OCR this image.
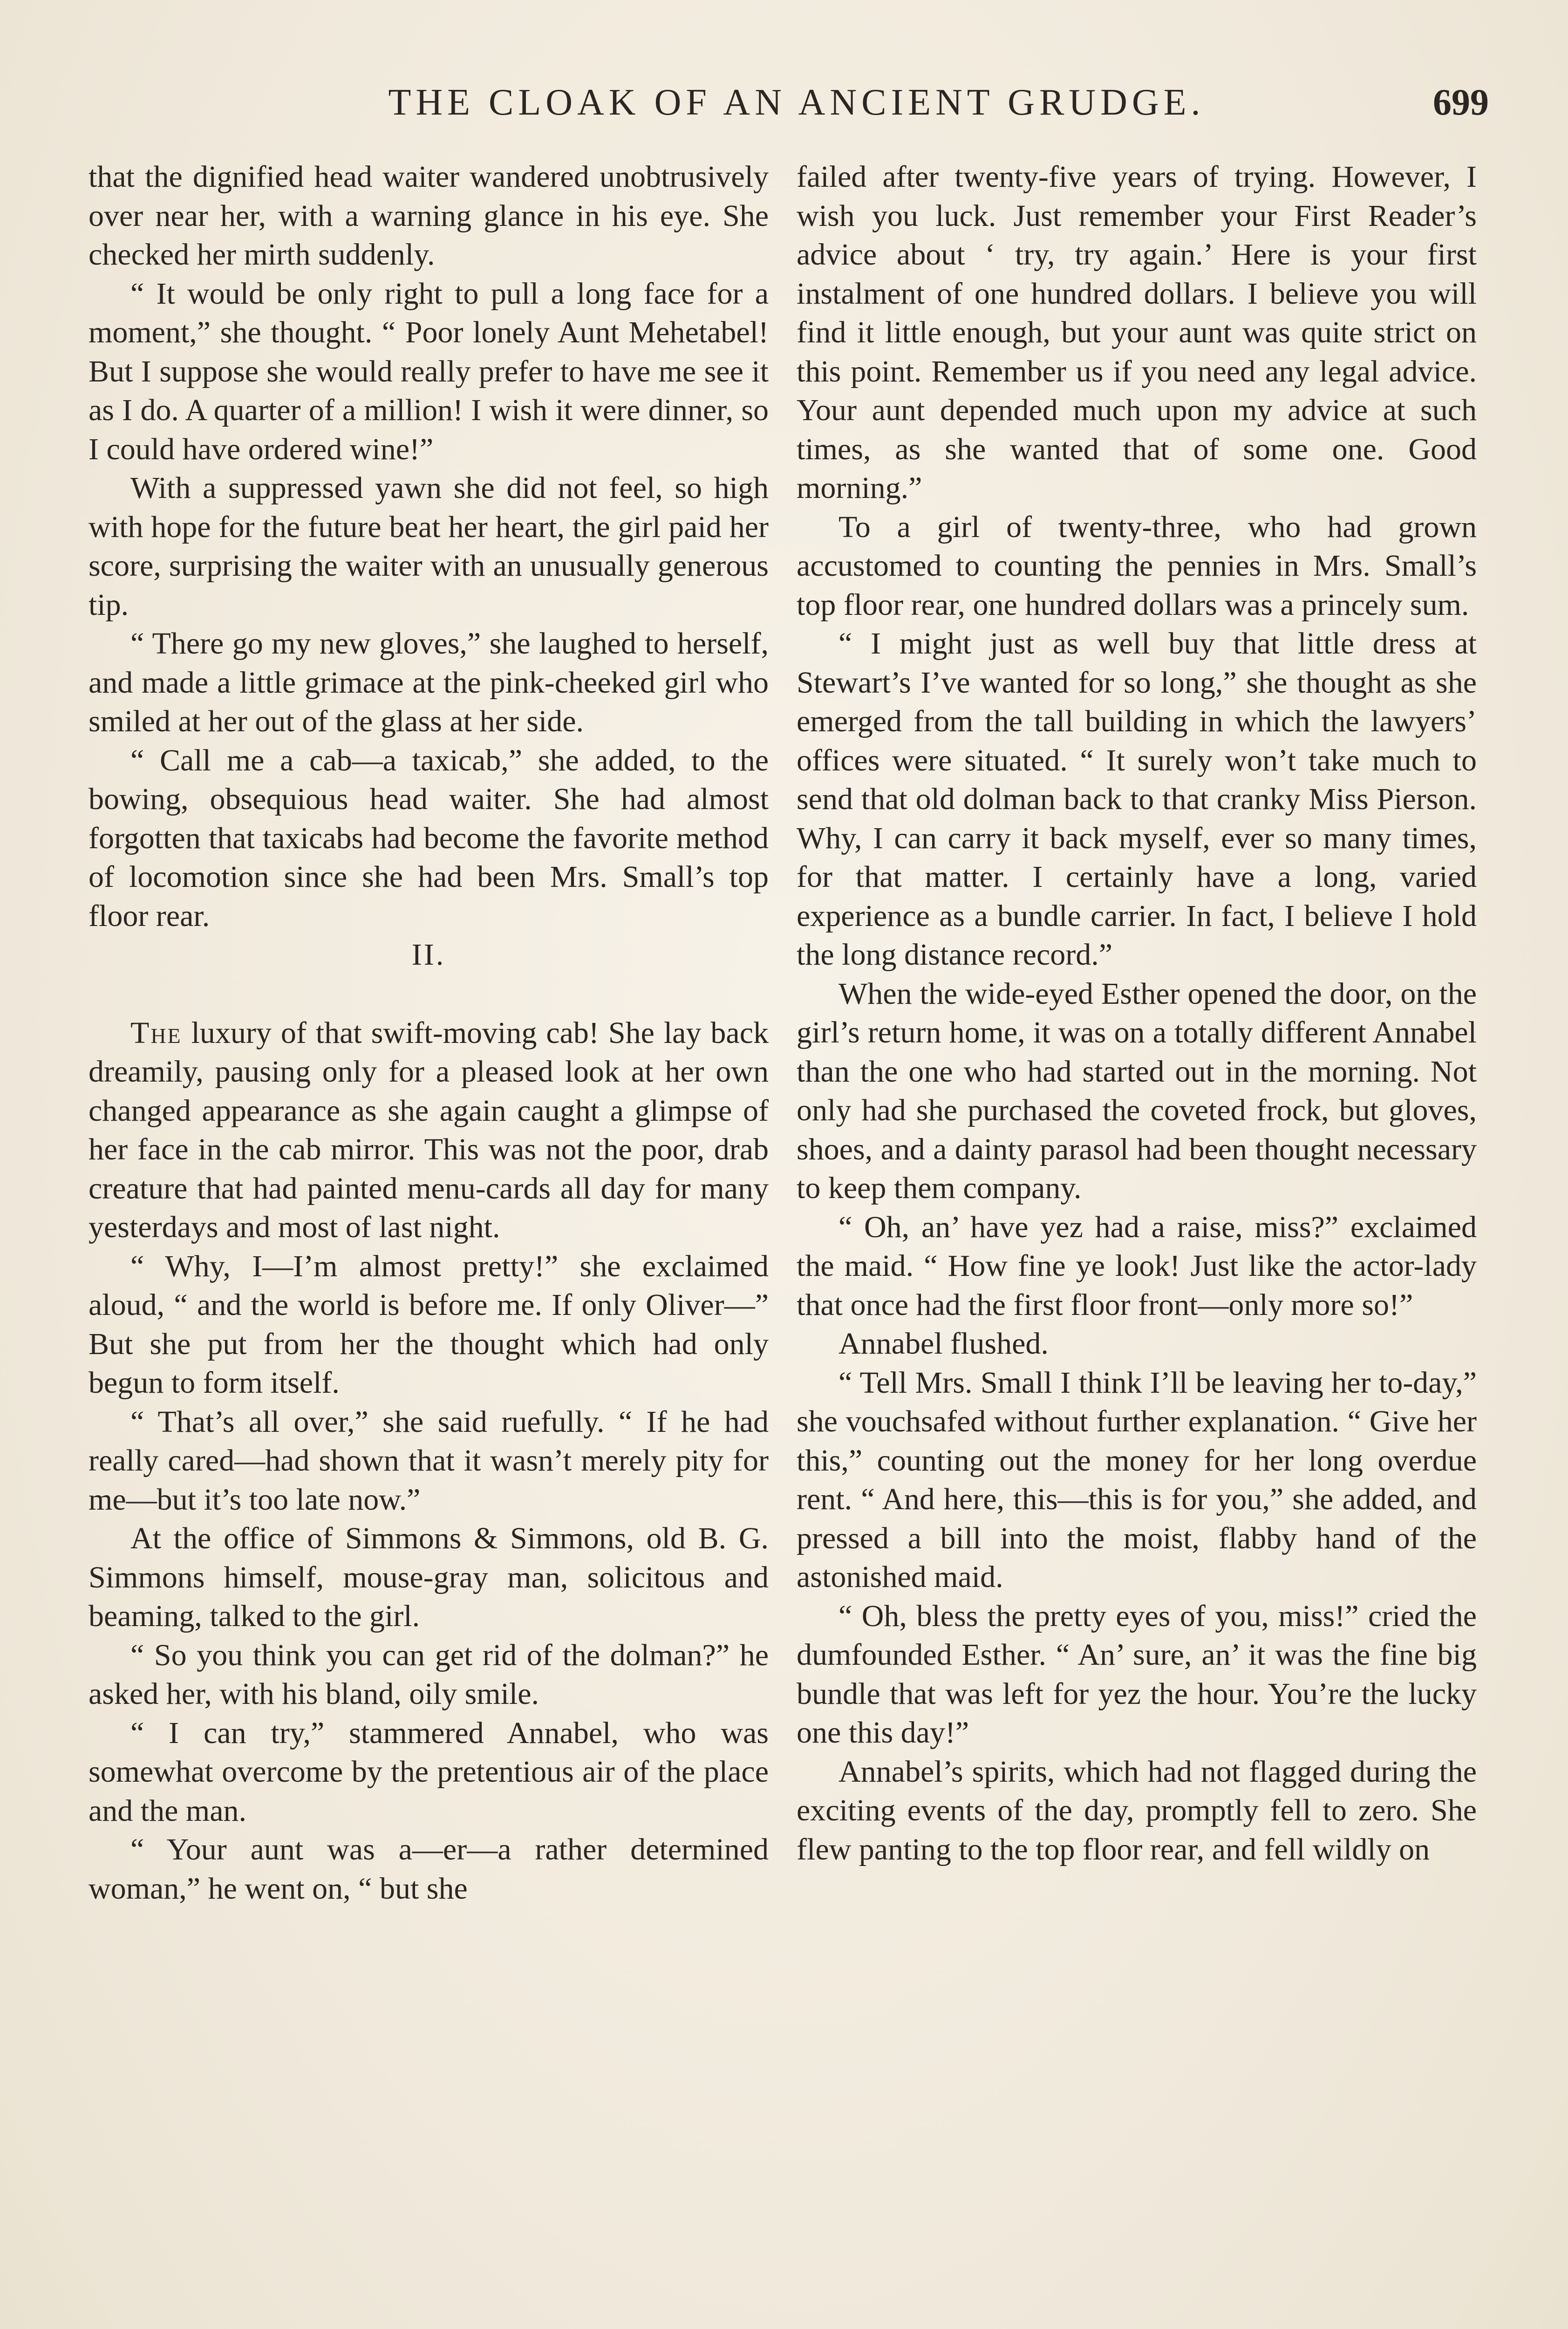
THE CLOAK OF AN ANCIENT GRUDGE.	699

that the dignified head waiter wandered unobtrusively over near her, with a warning glance in his eye. She checked her mirth suddenly.

“ It would be only right to pull a long face for a moment,” she thought. “ Poor lonely Aunt Mehetabel! But I suppose she would really prefer to have me see it as I do. A quarter of a million! I wish it were dinner, so I could have ordered wine!”

With a suppressed yawn she did not feel, so high with hope for the future beat her heart, the girl paid her score, surprising the waiter with an unusually generous tip.

“ There go my new gloves,” she laughed to herself, and made a little grimace at the pink-cheeked girl who smiled at her out of the glass at her side.

“ Call me a cab—a taxicab,” she added, to the bowing, obsequious head waiter. She had almost forgotten that taxicabs had become the favorite method of locomotion since she had been Mrs. Small’s top floor rear.

II.

The luxury of that swift-moving cab! She lay back dreamily, pausing only for a pleased look at her own changed appearance as she again caught a glimpse of her face in the cab mirror. This was not the poor, drab creature that had painted menu-cards all day for many yesterdays and most of last night.

“ Why, I—I’m almost pretty!” she exclaimed aloud, “ and the world is before me. If only Oliver—” But she put from her the thought which had only begun to form itself.

“ That’s all over,” she said ruefully. “ If he had really cared—had shown that it wasn’t merely pity for me—but it’s too late now.”

At the office of Simmons & Simmons, old B. G. Simmons himself, mouse-gray man, solicitous and beaming, talked to the girl.

“ So you think you can get rid of the dolman?” he asked her, with his bland, oily smile.

“ I can try,” stammered Annabel, who was somewhat overcome by the pretentious air of the place and the man.

“ Your aunt was a—er—a rather determined woman,” he went on, “ but she

failed after twenty-five years of trying. However, I wish you luck. Just remember your First Reader’s advice about ‘ try, try again.’ Here is your first instalment of one hundred dollars. I believe you will find it little enough, but your aunt was quite strict on this point. Remember us if you need any legal advice. Your aunt depended much upon my advice at such times, as she wanted that of some one. Good morning.”

To a girl of twenty-three, who had grown accustomed to counting the pennies in Mrs. Small’s top floor rear, one hundred dollars was a princely sum.

“ I might just as well buy that little dress at Stewart’s I’ve wanted for so long,” she thought as she emerged from the tall building in which the lawyers’ offices were situated. “ It surely won’t take much to send that old dolman back to that cranky Miss Pierson. Why, I can carry it back myself, ever so many times, for that matter. I certainly have a long, varied experience as a bundle carrier. In fact, I believe I hold the long distance record.”

When the wide-eyed Esther opened the door, on the girl’s return home, it was on a totally different Annabel than the one who had started out in the morning. Not only had she purchased the coveted frock, but gloves, shoes, and a dainty parasol had been thought necessary to keep them company.

“ Oh, an’ have yez had a raise, miss?” exclaimed the maid. “ How fine ye look! Just like the actor-lady that once had the first floor front—only more so!”

Annabel flushed.

“ Tell Mrs. Small I think I’ll be leaving her to-day,” she vouchsafed without further explanation. “ Give her this,” counting out the money for her long overdue rent. “ And here, this—this is for you,” she added, and pressed a bill into the moist, flabby hand of the astonished maid.

“ Oh, bless the pretty eyes of you, miss!” cried the dumfounded Esther. “ An’ sure, an’ it was the fine big bundle that was left for yez the hour. You’re the lucky one this day!”

Annabel’s spirits, which had not flagged during the exciting events of the day, promptly fell to zero. She flew panting to the top floor rear, and fell wildly on
